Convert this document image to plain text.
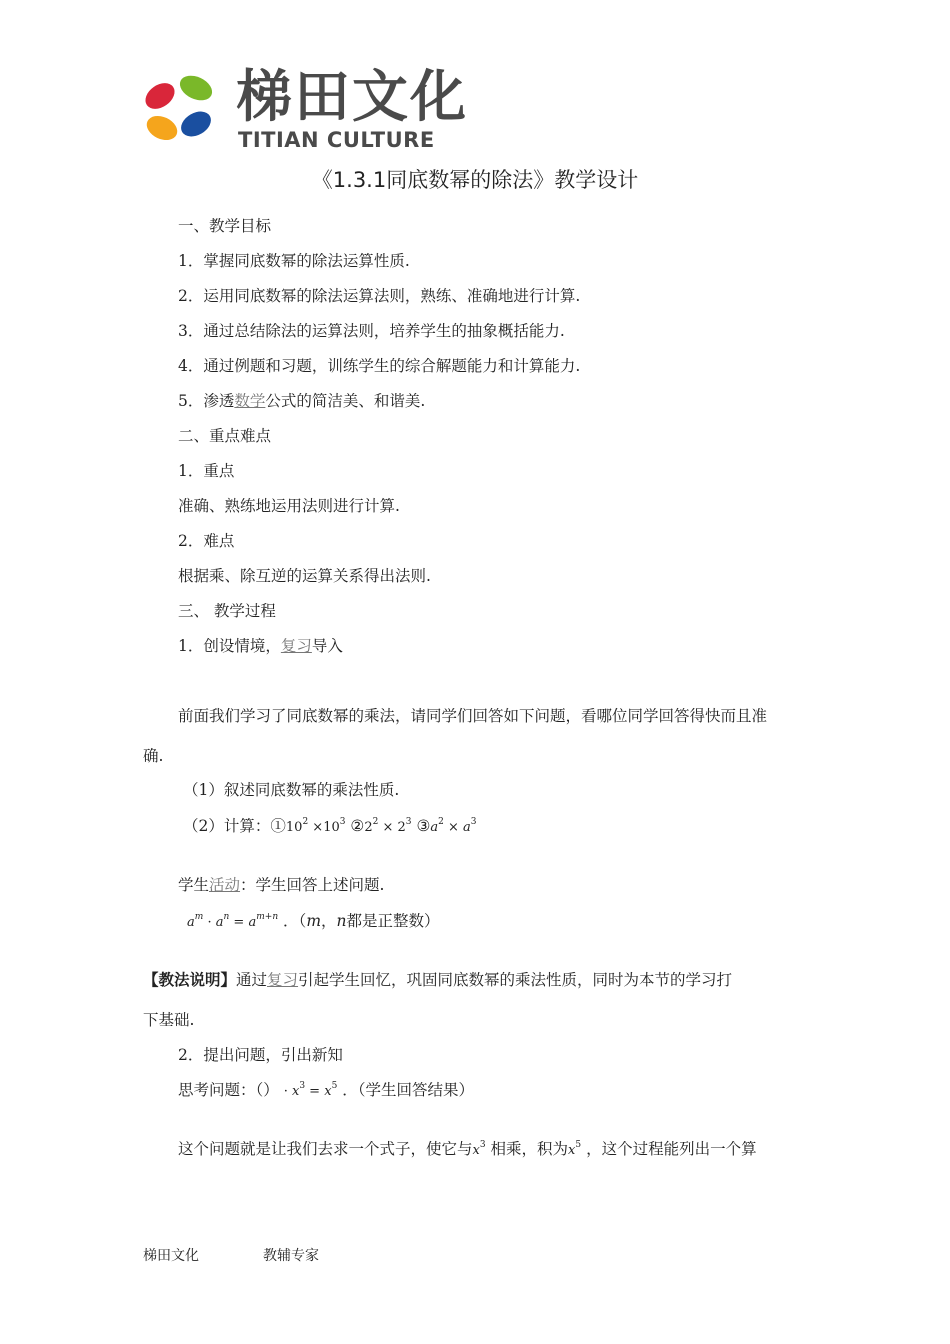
梯田文化
TITIAN CULTURE
《1.3.1同底数幂的除法》教学设计
一、教学目标
1．掌握同底数幂的除法运算性质.
2．运用同底数幂的除法运算法则，熟练、准确地进行计算.
3．通过总结除法的运算法则，培养学生的抽象概括能力.
4．通过例题和习题，训练学生的综合解题能力和计算能力.
5．渗透数学公式的简洁美、和谐美.
二、重点难点
1．重点
准确、熟练地运用法则进行计算.
2．难点
根据乘、除互逆的运算关系得出法则.
三、 教学过程
1．创设情境，复习导入
前面我们学习了同底数幂的乘法，请同学们回答如下问题，看哪位同学回答得快而且准
确.
（1）叙述同底数幂的乘法性质.
（2）计算：$①10^2 \times 10^3$ $②2^2 \times 2^3$ $③a^2 \times a^3$
学生活动：学生回答上述问题.
$a^m \cdot a^n = a^{m+n}$ ．（m，n都是正整数）
【教法说明】通过复习引起学生回忆，巩固同底数幂的乘法性质，同时为本节的学习打
下基础.
2．提出问题，引出新知
思考问题：（） · $x^3 = x^5$ ．（学生回答结果）
这个问题就是让我们去求一个式子，使它与$x^3$ 相乘，积为$x^5$ ，这个过程能列出一个算
梯田文化	教辅专家
